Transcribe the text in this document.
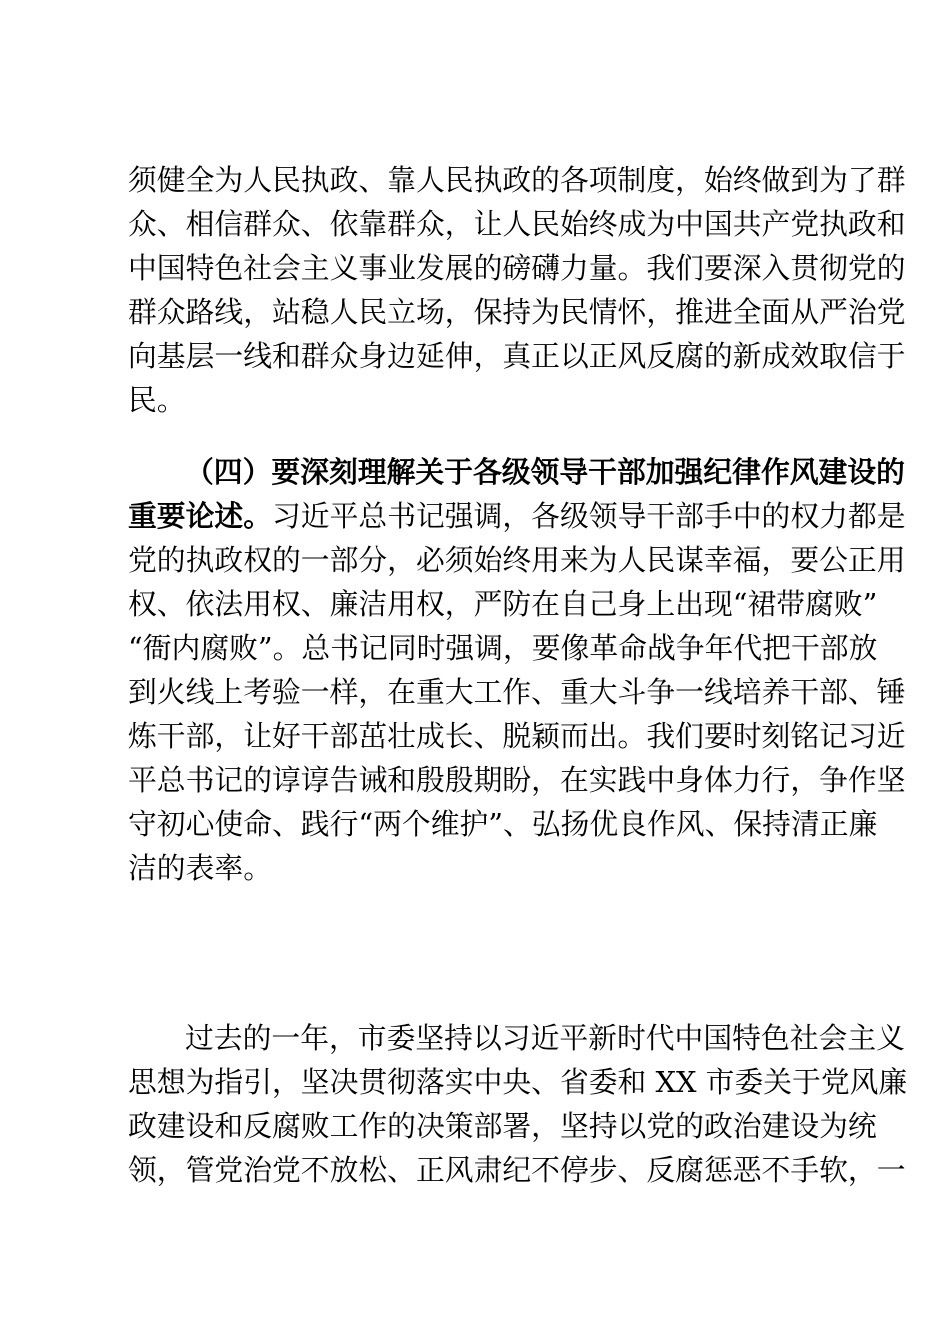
须健全为人民执政、靠人民执政的各项制度，始终做到为了群
众、相信群众、依靠群众，让人民始终成为中国共产党执政和
中国特色社会主义事业发展的磅礴力量。我们要深入贯彻党的
群众路线，站稳人民立场，保持为民情怀，推进全面从严治党
向基层一线和群众身边延伸，真正以正风反腐的新成效取信于
民。
（四）要深刻理解关于各级领导干部加强纪律作风建设的
重要论述。习近平总书记强调，各级领导干部手中的权力都是
党的执政权的一部分，必须始终用来为人民谋幸福，要公正用
权、依法用权、廉洁用权，严防在自己身上出现“裙带腐败”
“衙内腐败”。总书记同时强调，要像革命战争年代把干部放
到火线上考验一样，在重大工作、重大斗争一线培养干部、锤
炼干部，让好干部茁壮成长、脱颖而出。我们要时刻铭记习近
平总书记的谆谆告诫和殷殷期盼，在实践中身体力行，争作坚
守初心使命、践行“两个维护”、弘扬优良作风、保持清正廉
洁的表率。
过去的一年，市委坚持以习近平新时代中国特色社会主义
思想为指引，坚决贯彻落实中央、省委和 XX 市委关于党风廉
政建设和反腐败工作的决策部署，坚持以党的政治建设为统
领，管党治党不放松、正风肃纪不停步、反腐惩恶不手软，一
